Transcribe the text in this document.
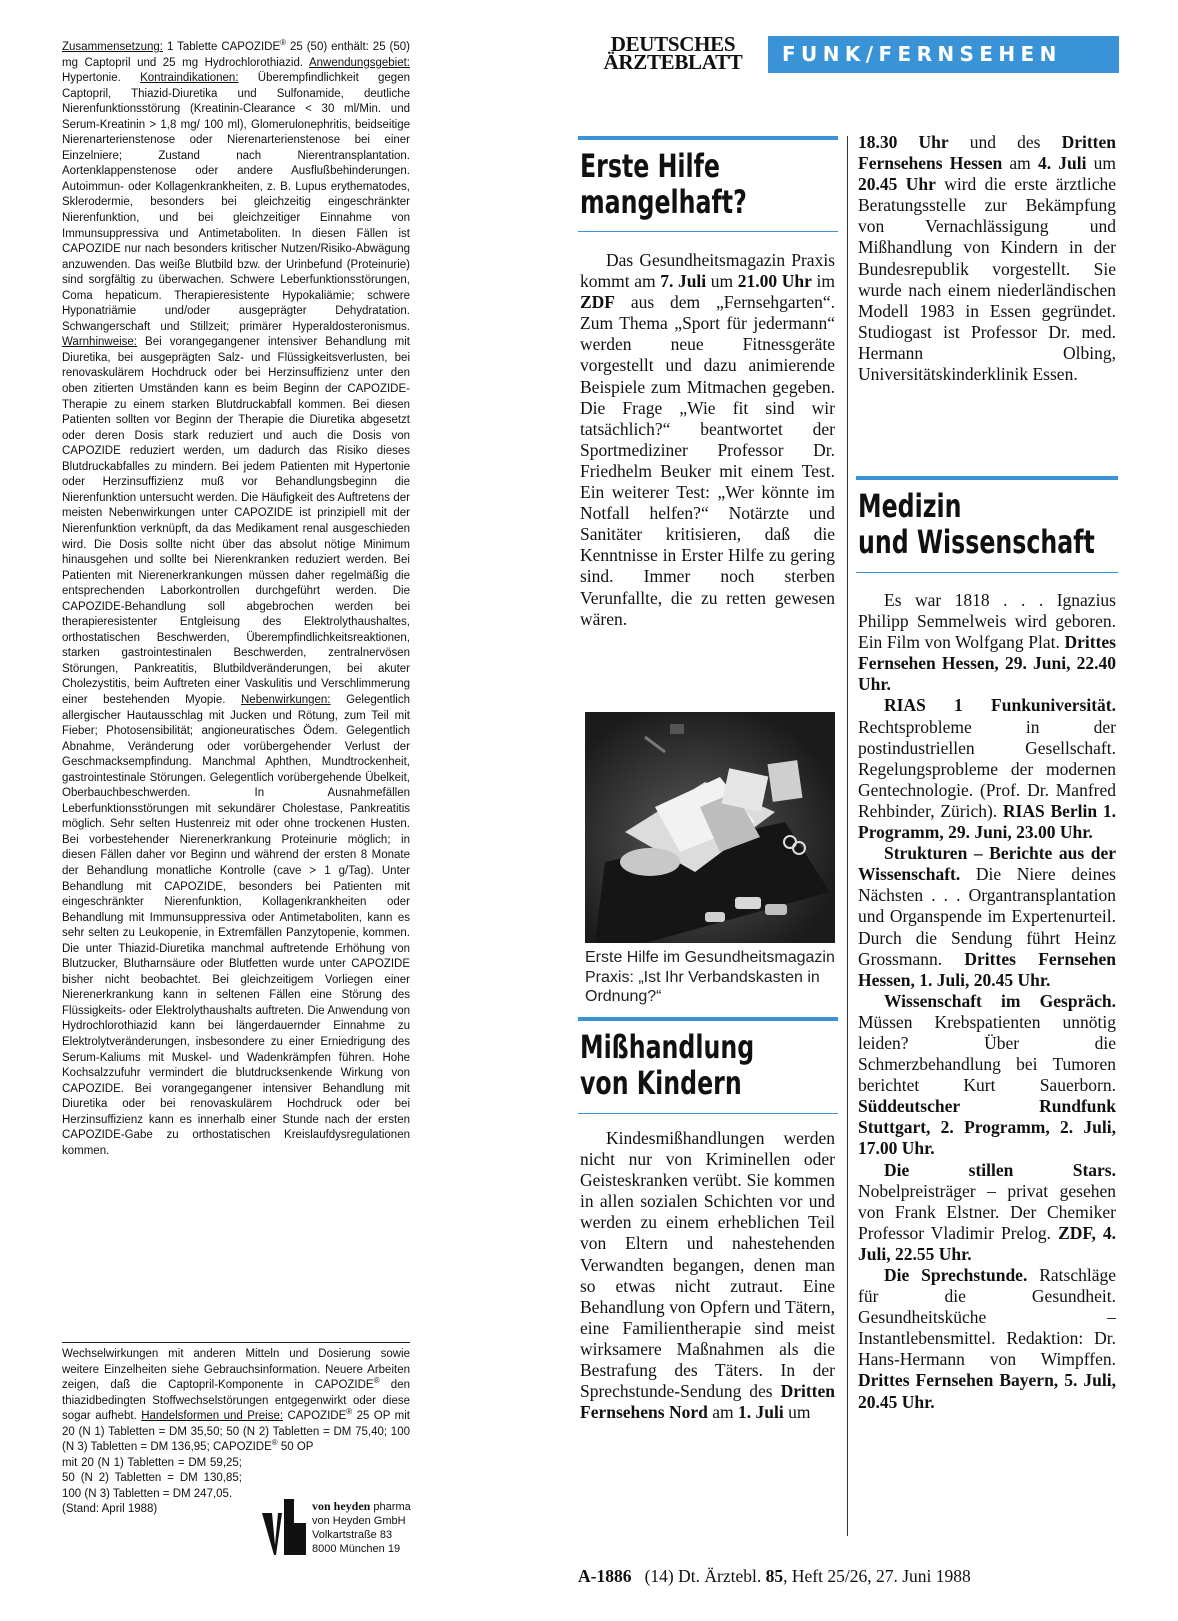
Zusammensetzung: 1 Tablette CAPOZIDE® 25 (50) enthält: 25 (50) mg Captopril und 25 mg Hydrochlorothiazid. Anwendungsgebiet: Hypertonie. Kontraindikationen: Überempfindlichkeit gegen Captopril, Thiazid-Diuretika und Sulfonamide, deutliche Nierenfunktionsstörung (Kreatinin-Clearance < 30 ml/Min. und Serum-Kreatinin > 1,8 mg/ 100 ml), Glomerulonephritis, beidseitige Nierenarterienstenose oder Nierenarterienstenose bei einer Einzelniere; Zustand nach Nierentransplantation. Aortenklappenstenose oder andere Ausflußbehinderungen. Autoimmun- oder Kollagenkrankheiten, z. B. Lupus erythematodes, Sklerodermie, besonders bei gleichzeitig eingeschränkter Nierenfunktion, und bei gleichzeitiger Einnahme von Immunsuppressiva und Antimetaboliten. In diesen Fällen ist CAPOZIDE nur nach besonders kritischer Nutzen/Risiko-Abwägung anzuwenden. Das weiße Blutbild bzw. der Urinbefund (Proteinurie) sind sorgfältig zu überwachen. Schwere Leberfunktionsstörungen, Coma hepaticum. Therapieresistente Hypokaliämie; schwere Hyponatriämie und/oder ausgeprägter Dehydratation. Schwangerschaft und Stillzeit; primärer Hyperaldosteronismus. Warnhinweise: Bei vorangegangener intensiver Behandlung mit Diuretika, bei ausgeprägten Salz- und Flüssigkeitsverlusten, bei renovaskulärem Hochdruck oder bei Herzinsuffizienz unter den oben zitierten Umständen kann es beim Beginn der CAPOZIDE-Therapie zu einem starken Blutdruckabfall kommen. Bei diesen Patienten sollten vor Beginn der Therapie die Diuretika abgesetzt oder deren Dosis stark reduziert und auch die Dosis von CAPOZIDE reduziert werden, um dadurch das Risiko dieses Blutdruckabfalles zu mindern. Bei jedem Patienten mit Hypertonie oder Herzinsuffizienz muß vor Behandlungsbeginn die Nierenfunktion untersucht werden. Die Häufigkeit des Auftretens der meisten Nebenwirkungen unter CAPOZIDE ist prinzipiell mit der Nierenfunktion verknüpft, da das Medikament renal ausgeschieden wird. Die Dosis sollte nicht über das absolut nötige Minimum hinausgehen und sollte bei Nierenkranken reduziert werden. Bei Patienten mit Nierenerkrankungen müssen daher regelmäßig die entsprechenden Laborkontrollen durchgeführt werden. Die CAPOZIDE-Behandlung soll abgebrochen werden bei therapieresistenter Entgleisung des Elektrolythaushaltes, orthostatischen Beschwerden, Überempfindlichkeitsreaktionen, starken gastrointestinalen Beschwerden, zentralnervösen Störungen, Pankreatitis, Blutbildveränderungen, bei akuter Cholezystitis, beim Auftreten einer Vaskulitis und Verschlimmerung einer bestehenden Myopie. Nebenwirkungen: Gelegentlich allergischer Hautausschlag mit Jucken und Rötung, zum Teil mit Fieber; Photosensibilität; angioneuratisches Ödem. Gelegentlich Abnahme, Veränderung oder vorübergehender Verlust der Geschmacksempfindung. Manchmal Aphthen, Mundtrockenheit, gastrointestinale Störungen. Gelegentlich vorübergehende Übelkeit, Oberbauchbeschwerden. In Ausnahmefällen Leberfunktionsstörungen mit sekundärer Cholestase, Pankreatitis möglich. Sehr selten Hustenreiz mit oder ohne trockenen Husten. Bei vorbestehender Nierenerkrankung Proteinurie möglich; in diesen Fällen daher vor Beginn und während der ersten 8 Monate der Behandlung monatliche Kontrolle (cave > 1 g/Tag). Unter Behandlung mit CAPOZIDE, besonders bei Patienten mit eingeschränkter Nierenfunktion, Kollagenkrankheiten oder Behandlung mit Immunsuppressiva oder Antimetaboliten, kann es sehr selten zu Leukopenie, in Extremfällen Panzytopenie, kommen. Die unter Thiazid-Diuretika manchmal auftretende Erhöhung von Blutzucker, Blutharnsäure oder Blutfetten wurde unter CAPOZIDE bisher nicht beobachtet. Bei gleichzeitigem Vorliegen einer Nierenerkrankung kann in seltenen Fällen eine Störung des Flüssigkeits- oder Elektrolythaushalts auftreten. Die Anwendung von Hydrochlorothiazid kann bei längerdauernder Einnahme zu Elektrolytveränderungen, insbesondere zu einer Erniedrigung des Serum-Kaliums mit Muskel- und Wadenkrämpfen führen. Hohe Kochsalzzufuhr vermindert die blutdrucksenkende Wirkung von CAPOZIDE. Bei vorangegangener intensiver Behandlung mit Diuretika oder bei renovaskulärem Hochdruck oder bei Herzinsuffizienz kann es innerhalb einer Stunde nach der ersten CAPOZIDE-Gabe zu orthostatischen Kreislaufdysregulationen kommen.

Wechselwirkungen mit anderen Mitteln und Dosierung sowie weitere Einzelheiten siehe Gebrauchsinformation. Neuere Arbeiten zeigen, daß die Captopril-Komponente in CAPOZIDE® den thiazidbedingten Stoffwechselstörungen entgegenwirkt oder diese sogar aufhebt. Handelsformen und Preise: CAPOZIDE® 25 OP mit 20 (N 1) Tabletten = DM 35,50; 50 (N 2) Tabletten = DM 75,40; 100 (N 3) Tabletten = DM 136,95; CAPOZIDE® 50 OP

mit 20 (N 1) Tabletten = DM 59,25; 50 (N 2) Tabletten = DM 130,85; 100 (N 3) Tabletten = DM 247,05.
(Stand: April 1988)	von heyden pharma
von Heyden GmbH
Volkartstraße 83
8000 München 19
DEUTSCHES
ÄRZTEBLATT	FUNK/FERNSEHEN
Erste Hilfe
mangelhaft?

Das Gesundheitsmagazin Praxis kommt am 7. Juli um 21.00 Uhr im ZDF aus dem „Fernsehgarten“. Zum Thema „Sport für jedermann“ werden neue Fitnessgeräte vorgestellt und dazu animierende Beispiele zum Mitmachen gegeben. Die Frage „Wie fit sind wir tatsächlich?“ beantwortet der Sportmediziner Professor Dr. Friedhelm Beuker mit einem Test. Ein weiterer Test: „Wer könnte im Notfall helfen?“ Notärzte und Sanitäter kritisieren, daß die Kenntnisse in Erster Hilfe zu gering sind. Immer noch sterben Verunfallte, die zu retten gewesen wären.

Erste Hilfe im Gesundheitsmagazin Praxis: „Ist Ihr Verbandskasten in Ordnung?“

Mißhandlung
von Kindern

Kindesmißhandlungen werden nicht nur von Kriminellen oder Geisteskranken verübt. Sie kommen in allen sozialen Schichten vor und werden zu einem erheblichen Teil von Eltern und nahestehenden Verwandten begangen, denen man so etwas nicht zutraut. Eine Behandlung von Opfern und Tätern, eine Familientherapie sind meist wirksamere Maßnahmen als die Bestrafung des Täters. In der Sprechstunde-Sendung des Dritten Fernsehens Nord am 1. Juli um

18.30 Uhr und des Dritten Fernsehens Hessen am 4. Juli um 20.45 Uhr wird die erste ärztliche Beratungsstelle zur Bekämpfung von Vernachlässigung und Mißhandlung von Kindern in der Bundesrepublik vorgestellt. Sie wurde nach einem niederländischen Modell 1983 in Essen gegründet. Studiogast ist Professor Dr. med. Hermann Olbing, Universitätskinderklinik Essen.

Medizin
und Wissenschaft

Es war 1818 . . . Ignazius Philipp Semmelweis wird geboren. Ein Film von Wolfgang Plat. Drittes Fernsehen Hessen, 29. Juni, 22.40 Uhr.

RIAS 1 Funkuniversität. Rechtsprobleme in der postindustriellen Gesellschaft. Regelungsprobleme der modernen Gentechnologie. (Prof. Dr. Manfred Rehbinder, Zürich). RIAS Berlin 1. Programm, 29. Juni, 23.00 Uhr.

Strukturen – Berichte aus der Wissenschaft. Die Niere deines Nächsten . . . Organtransplantation und Organspende im Expertenurteil. Durch die Sendung führt Heinz Grossmann. Drittes Fernsehen Hessen, 1. Juli, 20.45 Uhr.

Wissenschaft im Gespräch. Müssen Krebspatienten unnötig leiden? Über die Schmerzbehandlung bei Tumoren berichtet Kurt Sauerborn. Süddeutscher Rundfunk Stuttgart, 2. Programm, 2. Juli, 17.00 Uhr.

Die stillen Stars. Nobelpreisträger – privat gesehen von Frank Elstner. Der Chemiker Professor Vladimir Prelog. ZDF, 4. Juli, 22.55 Uhr.

Die Sprechstunde. Ratschläge für die Gesundheit. Gesundheitsküche – Instantlebensmittel. Redaktion: Dr. Hans-Hermann von Wimpffen. Drittes Fernsehen Bayern, 5. Juli, 20.45 Uhr.

A-1886 (14) Dt. Ärztebl. 85, Heft 25/26, 27. Juni 1988
